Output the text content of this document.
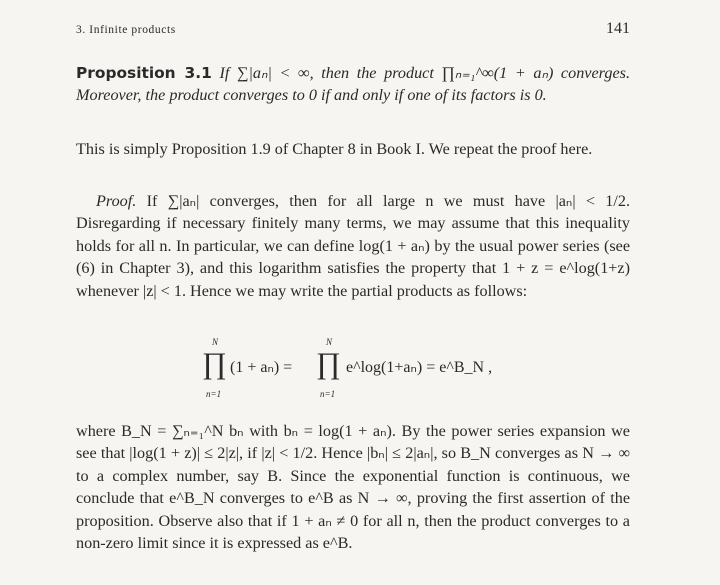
3. Infinite products	141
Proposition 3.1 If ∑|aₙ| < ∞, then the product ∏ₙ₌₁^∞(1 + aₙ) converges. Moreover, the product converges to 0 if and only if one of its factors is 0.
This is simply Proposition 1.9 of Chapter 8 in Book I. We repeat the proof here.
Proof. If ∑|aₙ| converges, then for all large n we must have |aₙ| < 1/2. Disregarding if necessary finitely many terms, we may assume that this inequality holds for all n. In particular, we can define log(1 + aₙ) by the usual power series (see (6) in Chapter 3), and this logarithm satisfies the property that 1 + z = e^log(1+z) whenever |z| < 1. Hence we may write the partial products as follows:
N
n=1
∏ (1 + aₙ) =
N
n=1
∏ e^log(1+aₙ) = e^B_N ,
where B_N = ∑ₙ₌₁^N bₙ with bₙ = log(1 + aₙ). By the power series expansion we see that |log(1 + z)| ≤ 2|z|, if |z| < 1/2. Hence |bₙ| ≤ 2|aₙ|, so B_N converges as N → ∞ to a complex number, say B. Since the exponential function is continuous, we conclude that e^B_N converges to e^B as N → ∞, proving the first assertion of the proposition. Observe also that if 1 + aₙ ≠ 0 for all n, then the product converges to a non-zero limit since it is expressed as e^B.
